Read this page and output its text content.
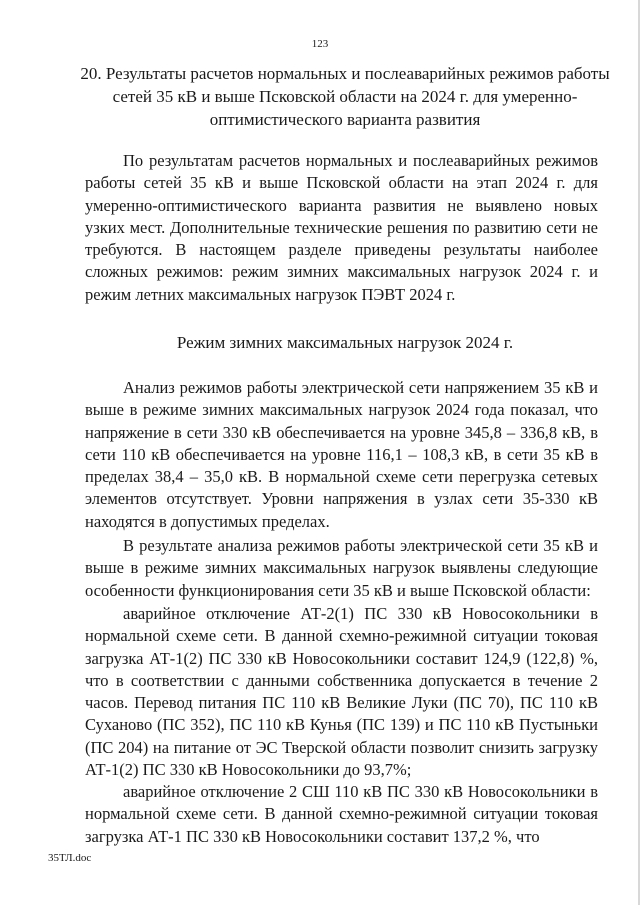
123
20. Результаты расчетов нормальных и послеаварийных режимов работы сетей 35 кВ и выше Псковской области на 2024 г. для умеренно-оптимистического варианта развития

По результатам расчетов нормальных и послеаварийных режимов работы сетей 35 кВ и выше Псковской области на этап 2024 г. для умеренно-оптимистического варианта развития не выявлено новых узких мест. Дополнительные технические решения по развитию сети не требуются. В настоящем разделе приведены результаты наиболее сложных режимов: режим зимних максимальных нагрузок 2024 г. и режим летних максимальных нагрузок ПЭВТ 2024 г.

Режим зимних максимальных нагрузок 2024 г.

Анализ режимов работы электрической сети напряжением 35 кВ и выше в режиме зимних максимальных нагрузок 2024 года показал, что напряжение в сети 330 кВ обеспечивается на уровне 345,8 – 336,8 кВ, в сети 110 кВ обеспечивается на уровне 116,1 – 108,3 кВ, в сети 35 кВ в пределах 38,4 – 35,0 кВ. В нормальной схеме сети перегрузка сетевых элементов отсутствует. Уровни напряжения в узлах сети 35-330 кВ находятся в допустимых пределах.

В результате анализа режимов работы электрической сети 35 кВ и выше в режиме зимних максимальных нагрузок выявлены следующие особенности функционирования сети 35 кВ и выше Псковской области:

аварийное отключение АТ-2(1) ПС 330 кВ Новосокольники в нормальной схеме сети. В данной схемно-режимной ситуации токовая загрузка АТ-1(2) ПС 330 кВ Новосокольники составит 124,9 (122,8) %, что в соответствии с данными собственника допускается в течение 2 часов. Перевод питания ПС 110 кВ Великие Луки (ПС 70), ПС 110 кВ Суханово (ПС 352), ПС 110 кВ Кунья (ПС 139) и ПС 110 кВ Пустыньки (ПС 204) на питание от ЭС Тверской области позволит снизить загрузку АТ-1(2) ПС 330 кВ Новосокольники до 93,7%;

аварийное отключение 2 СШ 110 кВ ПС 330 кВ Новосокольники в нормальной схеме сети. В данной схемно-режимной ситуации токовая загрузка АТ-1 ПС 330 кВ Новосокольники составит 137,2 %, что

35ТЛ.doc
